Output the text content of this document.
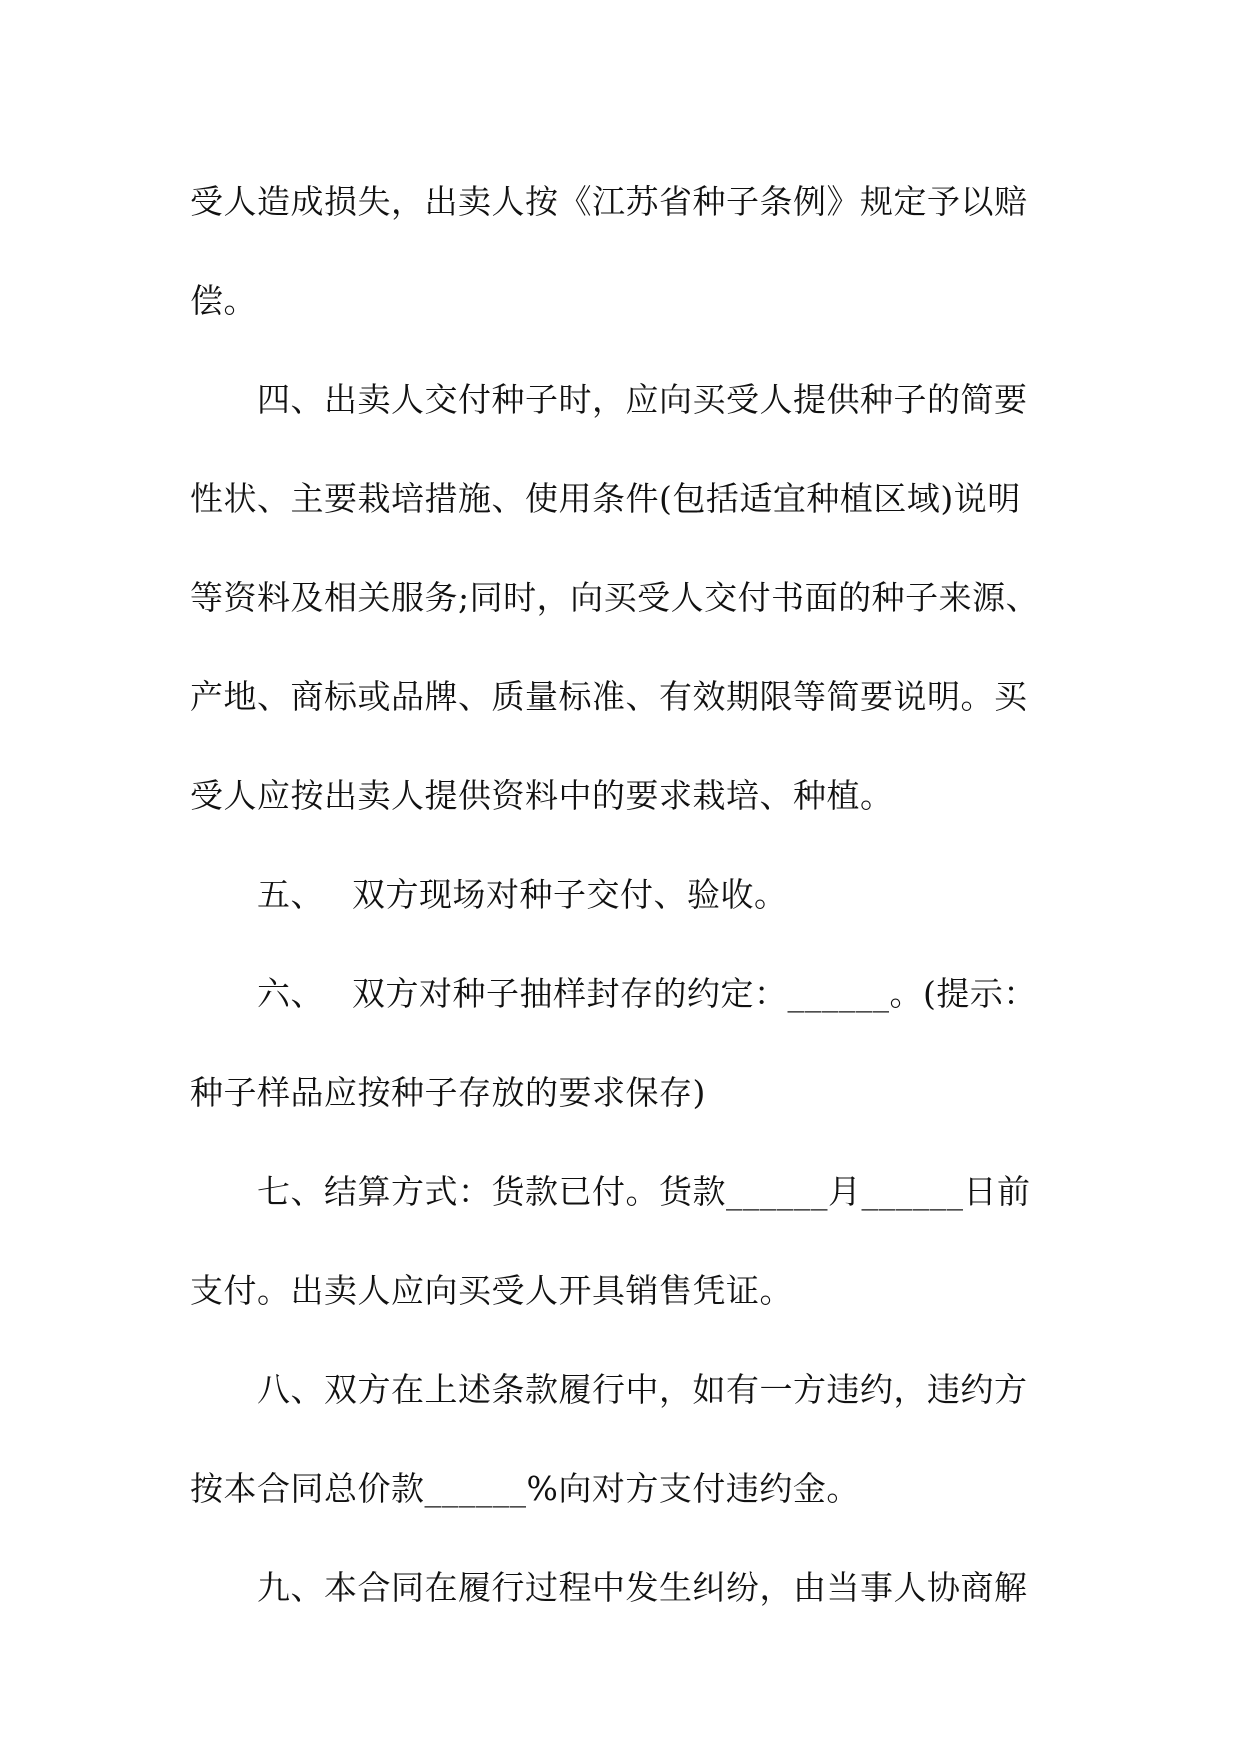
受人造成损失，出卖人按《江苏省种子条例》规定予以赔
偿。
四、出卖人交付种子时，应向买受人提供种子的简要
性状、主要栽培措施、使用条件(包括适宜种植区域)说明
等资料及相关服务;同时，向买受人交付书面的种子来源、
产地、商标或品牌、质量标准、有效期限等简要说明。买
受人应按出卖人提供资料中的要求栽培、种植。
五、　 双方现场对种子交付、验收。
六、　 双方对种子抽样封存的约定：______。(提示：
种子样品应按种子存放的要求保存)
七、结算方式：货款已付。货款______月______日前
支付。出卖人应向买受人开具销售凭证。
八、双方在上述条款履行中，如有一方违约，违约方
按本合同总价款______%向对方支付违约金。
九、本合同在履行过程中发生纠纷，由当事人协商解
